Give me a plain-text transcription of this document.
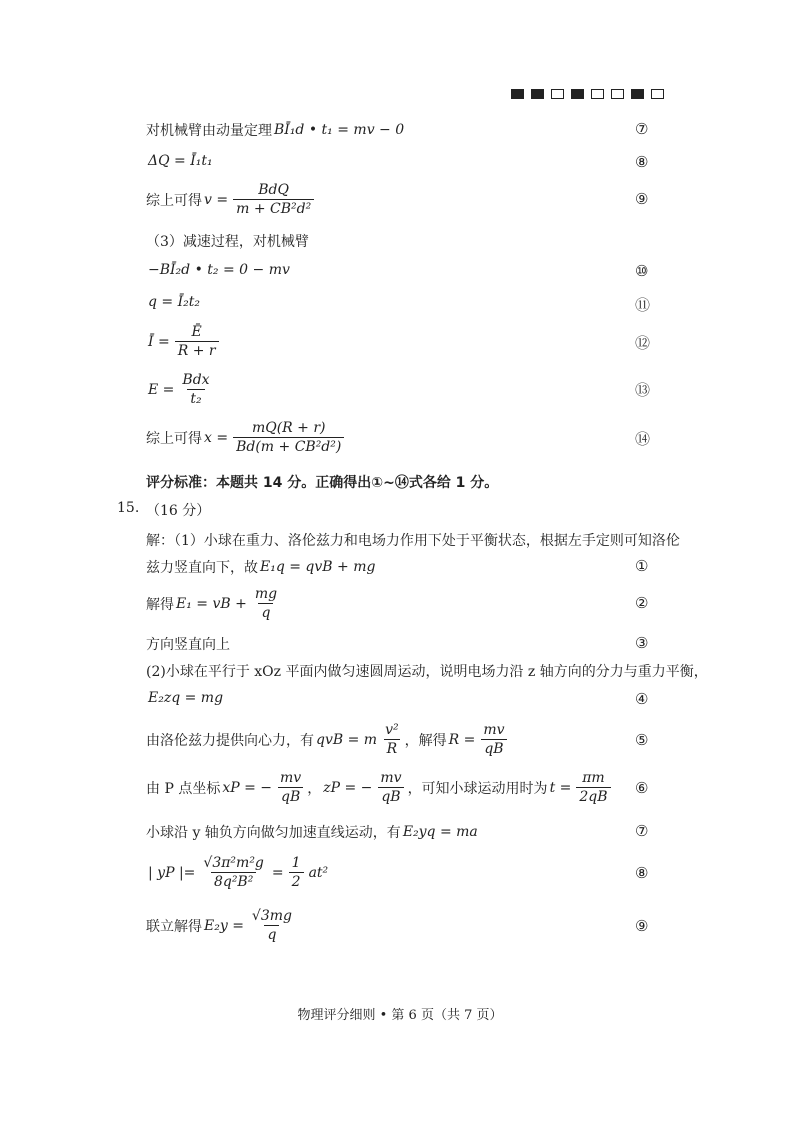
对机械臂由动量定理 BĪ₁d • t₁ = mv − 0	⑦
ΔQ = Ī₁t₁	⑧
综上可得 $v = \frac{\text{BdQ}}{\text{m + CB²d²}}$	⑨
（3）减速过程，对机械臂
−BĪ₂d • t₂ = 0 − mv	⑩
q = Ī₂t₂	⑪
Ī = $\frac{Ē}{R + r}$	⑫
$E = \frac{\text{Bdx}}{\text{t₂}}$	⑬
综上可得 $x = \frac{mQ(R + r)}{\text{Bd(m + CB²d²)}}$	⑭
评分标准：本题共 14 分。正确得出①~⑭式各给 1 分。
15. （16 分）
解：（1）小球在重力、洛伦兹力和电场力作用下处于平衡状态，根据左手定则可知洛伦
兹力竖直向下，故 E₁q = qvB + mg	①
解得 E₁ = vB + $\frac{mg}{q}$	②
方向竖直向上	③
(2)小球在平行于 xOz 平面内做匀速圆周运动，说明电场力沿 z 轴方向的分力与重力平衡，
E₂zq = mg	④
由洛伦兹力提供向心力，有 qvB = m $\frac{\text{v²}}{R}$ ，解得 $R = \frac{mv}{qB}$	⑤
由 P 点坐标 xP = − $\frac{mv}{qB}$ ， zP = − $\frac{mv}{qB}$ ，可知小球运动用时为 $t = \frac{\pi m}{2qB}$ ⑥
小球沿 y 轴负方向做匀加速直线运动，有 E₂yq = ma	⑦
| yP |= $\frac{\text{√3π²m²g}}{\text{8q²B²}} = \frac{1}{2} at^2$	⑧
联立解得 $E_2y = \frac{√3mg}{q}$	⑨
物理评分细则 • 第 6 页（共 7 页）
